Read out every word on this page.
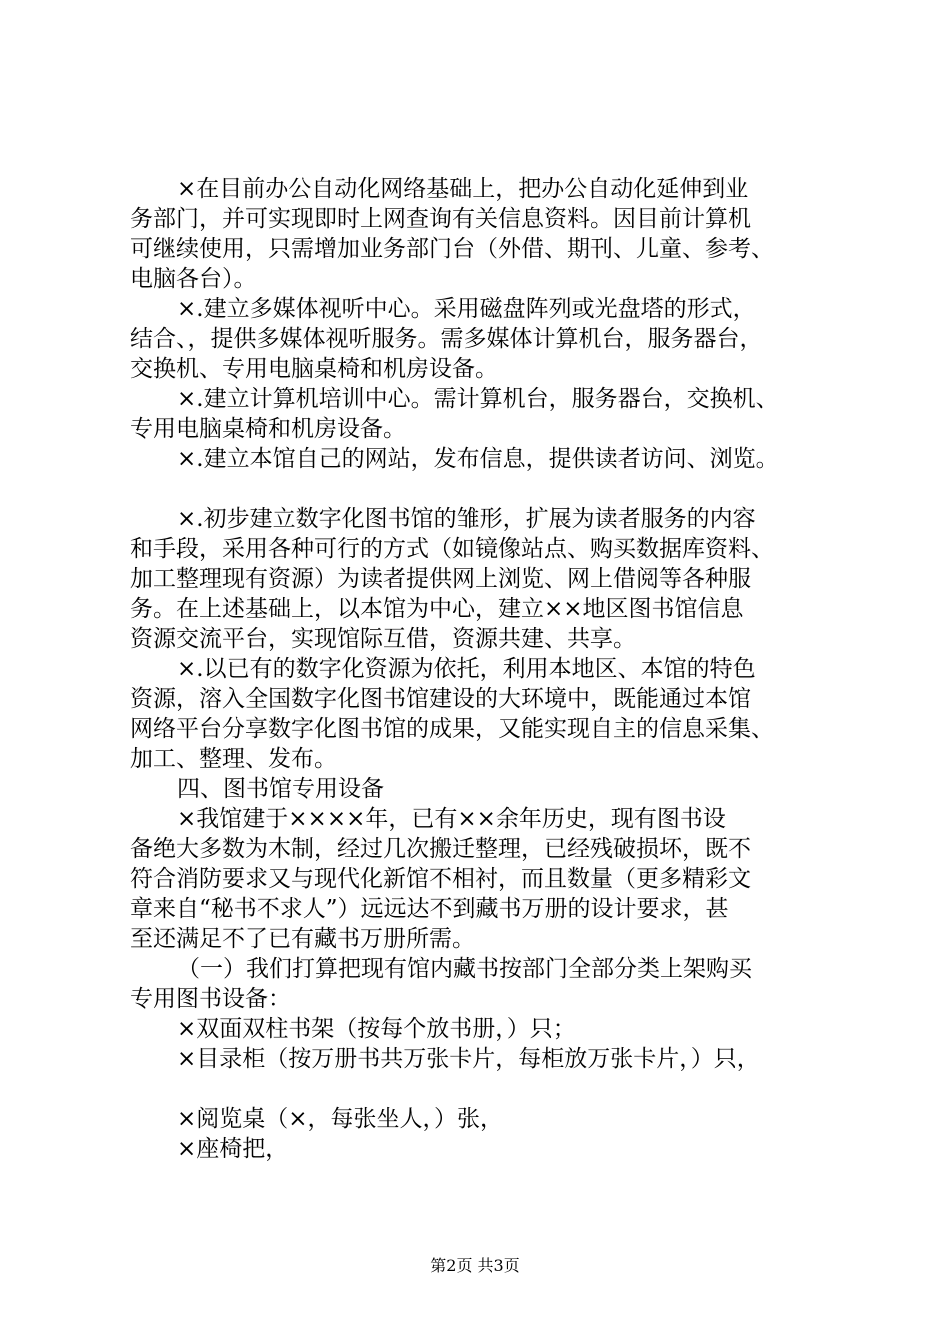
×在目前办公自动化网络基础上，把办公自动化延伸到业
务部门，并可实现即时上网查询有关信息资料。因目前计算机
可继续使用，只需增加业务部门台（外借、期刊、儿童、参考、
电脑各台）。
×.建立多媒体视听中心。采用磁盘阵列或光盘塔的形式，
结合、，提供多媒体视听服务。需多媒体计算机台，服务器台，
交换机、专用电脑桌椅和机房设备。
×.建立计算机培训中心。需计算机台，服务器台，交换机、
专用电脑桌椅和机房设备。
×.建立本馆自己的网站，发布信息，提供读者访问、浏览。
×.初步建立数字化图书馆的雏形，扩展为读者服务的内容
和手段，采用各种可行的方式（如镜像站点、购买数据库资料、
加工整理现有资源）为读者提供网上浏览、网上借阅等各种服
务。在上述基础上，以本馆为中心，建立××地区图书馆信息
资源交流平台，实现馆际互借，资源共建、共享。
×.以已有的数字化资源为依托，利用本地区、本馆的特色
资源，溶入全国数字化图书馆建设的大环境中，既能通过本馆
网络平台分享数字化图书馆的成果，又能实现自主的信息采集、
加工、整理、发布。
四、图书馆专用设备
×我馆建于××××年，已有××余年历史，现有图书设
备绝大多数为木制，经过几次搬迁整理，已经残破损坏，既不
符合消防要求又与现代化新馆不相衬，而且数量（更多精彩文
章来自“秘书不求人”）远远达不到藏书万册的设计要求，甚
至还满足不了已有藏书万册所需。
（一）我们打算把现有馆内藏书按部门全部分类上架购买
专用图书设备：
×双面双柱书架（按每个放书册，）只；
×目录柜（按万册书共万张卡片，每柜放万张卡片，）只，
×阅览桌（×，每张坐人，）张，
×座椅把，
第2页 共3页
